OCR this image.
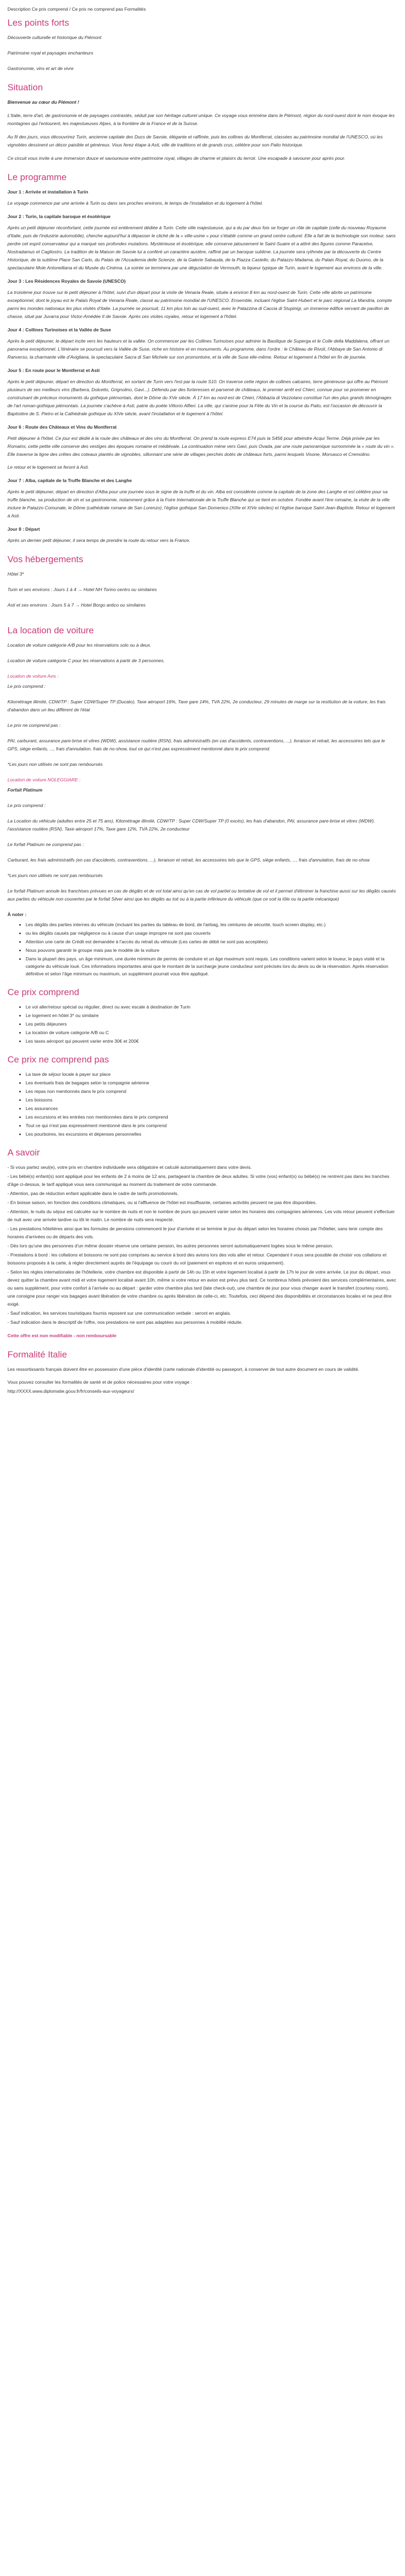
Description Ce prix comprend / Ce prix ne comprend pas Formalités

Les points forts
Découverte culturelle et historique du Piémont
Patrimoine royal et paysages enchanteurs
Gastronomie, vins et art de vivre
Situation

Bienvenue au cœur du Piémont !

L'Italie, terre d'art, de gastronomie et de paysages contrastés, séduit par son héritage culturel unique. Ce voyage vous emmène dans le Piémont, région du nord-ouest dont le nom évoque les montagnes qui l'entourent, les majestueuses Alpes, à la frontière de la France et de la Suisse.

Au fil des jours, vous découvrirez Turin, ancienne capitale des Ducs de Savoie, élégante et raffinée, puis les collines du Montferrat, classées au patrimoine mondial de l'UNESCO, où les vignobles dessinent un décor paisible et généreux. Vous ferez étape à Asti, ville de traditions et de grands crus, célèbre pour son Palio historique.

Ce circuit vous invite à une immersion douce et savoureuse entre patrimoine royal, villages de charme et plaisirs du terroir. Une escapade à savourer pour après pour.

Le programme
Jour 1 : Arrivée et installation à Turin

Le voyage commence par une arrivée à Turin ou dans ses proches environs, le temps de l'installation et du logement à l'hôtel.

Jour 2 : Turin, la capitale baroque et ésotérique

Après un petit déjeuner réconfortant, cette journée est entièrement dédiée à Turin. Cette ville majestueuse, qui a du par deux fois se forger un rôle de capitale (celle du nouveau Royaume d'Italie, puis de l'industrie automobile), cherche aujourd'hui à dépasser le cliché de la « ville-usine » pour s'établir comme un grand centre culturel. Elle a fait de la technologie son moteur, sans perdre cet esprit conservateur qui a marqué ses profondes mutations. Mystérieuse et ésotérique, elle conserve jalousement le Saint-Suaire et a attiré des figures comme Paracelse, Nostradamus et Cagliostro. La tradition de la Maison de Savoie lui a conféré un caractère austère, raffiné par un baroque sublime. La journée sera rythmée par la découverte du Centre Historique, de la sublime Place San Carlo, du Palais de l'Accademia delle Scienze, de la Galerie Sabauda, de la Piazza Castello, du Palazzo Madama, du Palais Royal, du Duomo, de la spectaculaire Mole Antonelliana et du Musée du Cinéma. La soirée se terminera par une dégustation de Vermouth, la liqueur typique de Turin, avant le logement aux environs de la ville.

Jour 3 : Les Résidences Royales de Savoie (UNESCO)

La troisième jour trouve sur le petit déjeuner à l'hôtel, suivi d'un départ pour la visite de Venaria Reale, située à environ 8 km au nord-ouest de Turin. Cette ville abrite un patrimoine exceptionnel, dont le joyau est le Palais Royal de Venaria Reale, classé au patrimoine mondial de l'UNESCO. Ensemble, incluant l'église Saint-Hubert et le parc régional La Mandria, compte parmi les mondes nationaux les plus visités d'Italie. La journée se poursuit, 11 km plus loin au sud-ouest, avec le Palazzina di Caccia di Stupinigi, un immense édifice servant de pavillon de chasse, situé par Juvarra pour Victor-Amédée II de Savoie. Après ces visites royales, retour et logement à l'hôtel.

Jour 4 : Collines Turinoises et la Vallée de Suse

Après le petit déjeuner, le départ incite vers les hauteurs et la vallée. On commencer par les Collines Turinoises pour admirer la Basilique de Superga et le Colle della Maddalena, offrant un panorama exceptionnel. L'itinéraire se poursuit vers la Vallée de Suse, riche en histoire et en monuments. Au programme, dans l'ordre : le Château de Rivoli, l'Abbaye de San Antonio di Ranverso, la charmante ville d'Avigliana, la spectaculaire Sacra di San Michele sur son promontoire, et la ville de Suse elle-même. Retour et logement à l'hôtel en fin de journée.

Jour 5 : En route pour le Montferrat et Asti

Après le petit déjeuner, départ en direction du Montferrat, en sortant de Turin vers l'est par la route S10. On traverse cette région de collines calcaires, terre généreuse qui offre au Piémont plusieurs de ses meilleurs vins (Barbera, Dolcetto, Grignolino, Gavi...). Défendu par des forteresses et parsemé de châteaux, le premier arrêt est Chieri, connue pour se promener en construisant de précieux monuments du gothique piémontais, dont le Dôme du XVe siècle. À 17 km au nord-est de Chieri, l'Abbazia di Vezzolano constitue l'un des plus grands témoignages de l'art roman-gothique piémontais. La journée s'achève à Asti, patrie du poète Vittorio Alfieri. La ville, qui s'anime pour la Fête du Vin et la course du Palio, est l'occasion de découvrir la Baptistère de S. Pietro et la Cathédrale gothique du XIVe siècle, avant l'installation et le logement à l'hôtel.

Jour 6 : Route des Châteaux et Vins du Montferrat

Petit déjeuner à l'hôtel. Ce jour est dédié à la route des châteaux et des vins du Montferrat. On prend la route express E74 puis la S456 pour atteindre Acqui Terme. Déjà prisée par les Romains, cette petite ville conserve des vestiges des époques romaine et médiévale. La continuation mène vers Gavi, puis Ovada, par une route panoramique surnommée la « route du vin ». Elle traverse la ligne des crêtes des coteaux plantés de vignobles, sillonnant une série de villages perchés dotés de châteaux forts, parmi lesquels Visone, Morsasco et Cremolino.

Le retour et le logement se feront à Asti.

Jour 7 : Alba, capitale de la Truffe Blanche et des Langhe

Après le petit déjeuner, départ en direction d'Alba pour une journée sous le signe de la truffe et du vin. Alba est considérée comme la capitale de la zone des Langhe et est célèbre pour sa truffe blanche, sa production de vin et sa gastronomie, notamment grâce à la Foire Internationale de la Truffe Blanche qui se tient en octobre. Fondée avant l'ère romaine, la visite de la ville inclure le Palazzo Comunale, le Dôme (cathédrale romane de San Lorenzo), l'église gothique San Domenico (XIIIe et XIVe siècles) et l'église baroque Saint-Jean-Baptiste. Retour et logement à Asti.

Jour 8 : Départ

Après un dernier petit déjeuner, il sera temps de prendre la route du retour vers la France.

Vos hébergements

Hôtel 3*

Turin et ses environs : Jours 1 à 4 → Hotel NH Torino centro ou similaires

Asti et ses environs : Jours 5 à 7 → Hotel Borgo antico ou similaires

La location de voiture

Location de voiture catégorie A/B pour les réservations solo ou à deux.

Location de voiture catégorie C pour les réservations à partir de 3 personnes.

Location de voiture Avis :

Le prix comprend :

Kilométrage illimité, CDW/TP : Super CDW/Super TP (Ducato), Taxe aéroport 16%, Taxe gare 14%, TVA 22%, 2e conducteur, 29 minutes de marge sur la restitution de la voiture, les frais d'abandon dans un lieu différent de l'état

Le prix ne comprend pas :

PAI, carburant, assurance pare-brise et vitres (WDW), assistance routière (RSN), frais administratifs (en cas d'accidents, contraventions, ...), livraison et retrait, les accessoires tels que le GPS, siège enfants, ..., frais d'annulation, frais de no-show, tout ce qui n'est pas expressément mentionné dans le prix comprend.

*Les jours non utilisés ne sont pas remboursés

Location de voiture NOLEGGIARE :

Forfait Platinum

Le prix comprend :

La Location du véhicule (adultes entre 25 et 75 ans), Kilométrage illimité, CDW/TP : Super CDW/Super TP (0 excès), les frais d'abandon, PAI, assurance pare-brise et vitres (WDW), l'assistance routière (RSN), Taxe aéroport 17%, Taxe gare 12%, TVA 22%, 2e conducteur

Le forfait Platinum ne comprend pas :

Carburant, les frais administratifs (en cas d'accidents, contraventions, ...), livraison et retrait, les accessoires tels que le GPS, siège enfants, ..., frais d'annulation, frais de no-show

*Les jours non utilisés ne sont pas remboursés

Le forfait Platinum annule les franchises prévues en cas de dégâts et de vol total ainsi qu'en cas de vol partiel ou tentative de vol et il permet d'éliminer la franchise aussi sur les dégâts causés aux parties du véhicule non couvertes par le forfait Silver ainsi que les dégâts au toit ou à la partie inférieure du véhicule (que ce soit la tôle ou la partie mécanique)

À noter :

• Les dégâts des parties internes du véhicule (incluant les parties du tableau de bord, de l'airbag, les ceintures de sécurité, touch screen display, etc.)
• ou les dégâts causés par négligence ou à cause d'un usage impropre ne sont pas couverts
• Attention une carte de Crédit est demandée à l'accès du retrait du véhicule (Les cartes de débit ne sont pas acceptées)
• Nous pouvons garantir le groupe mais pas le modèle de la voiture
• Dans la plupart des pays, un âge minimum, une durée minimum de permis de conduire et un âge maximum sont requis. Les conditions varient selon le loueur, le pays visité et la catégorie du véhicule loué. Ces informations importantes ainsi que le montant de la surcharge jeune conducteur sont précisés lors du devis ou de la réservation. Après réservation définitive et selon l'âge minimum ou maximum, un supplément pourrait vous être appliqué.
Ce prix comprend
• Le vol aller/retour spécial ou régulier, direct ou avec escale à destination de Turin
• Le logement en hôtel 3* ou similaire
• Les petits déjeuners
• La location de voiture catégorie A/B ou C
• Les taxes aéroport qui peuvent varier entre 30€ et 200€
Ce prix ne comprend pas
• La taxe de séjour locale à payer sur place
• Les éventuels frais de bagages selon la compagnie aérienne
• Les repas non mentionnés dans le prix comprend
• Les boissons
• Les assurances
• Les excursions et les entrées non mentionnées dans le prix comprend
• Tout ce qui n'est pas expressément mentionné dans le prix comprend
• Les pourboires, les excursions et dépenses personnelles
A savoir

- Si vous partez seul(e), votre prix en chambre individuelle sera obligatoire et calculé automatiquement dans votre devis.

- Les bébé(s) enfant(s) sont appliqué pour les enfants de 2 à moins de 12 ans, partageant la chambre de deux adultes. Si votre (vos) enfant(s) ou bébé(s) ne rentrent pas dans les tranches d'âge ci-dessus, le tarif appliqué vous sera communiqué au moment du traitement de votre commande.

- Attention, pas de réduction enfant applicable dans le cadre de tarifs promotionnels.

- En boisse saison, en fonction des conditions climatiques, ou si l'affluence de l'hôtel est insuffisante, certaines activités peuvent ne pas être disponibles.

- Attention, le nuits du séjour est calculée sur le nombre de nuits et non le nombre de jours qui peuvent varier selon les horaires des compagnies aériennes. Les vols retour peuvent s'effectuer de nuit avec une arrivée tardive ou tôt le matin. Le nombre de nuits sera respecté.

- Les prestations hôtelières ainsi que les formules de pensions commencent le jour d'arrivée et se termine le jour du départ selon les horaires choisis par l'hôtelier, sans tenir compte des horaires d'arrivées ou de départs des vols.

- Dès lors qu'une des personnes d'un même dossier réserve une certaine pension, les autres personnes seront automatiquement logées sous le même pension.

- Prestations à bord : les collations et boissons ne sont pas comprises au service à bord des avions lors des vols aller et retour. Cependant il vous sera possible de choisir vos collations et boissons proposés à la carte, à régler directement auprès de l'équipage ou courir du vol (paiement en espèces et en euros uniquement).

- Selon les règles internationales de l'hôtellerie, votre chambre est disponible à partir de 14h ou 15h et votre logement localisé à partir de 17h le jour de votre arrivée. Le jour du départ, vous devez quitter la chambre avant midi et votre logement localisé avant 10h, même si votre retour en avion est prévu plus tard. Ce nombreux hôtels prévoient des services complémentaires, avec ou sans supplément, pour votre confort à l'arrivée ou au départ : garder votre chambre plus tard (late check-out), une chambre de jour pour vous changer avant le transfert (courtesy room), une consigne pour ranger vos bagages avant libération de votre chambre ou après libération de celle-ci, etc. Toutefois, ceci dépend des disponibilités et circonstances locales et ne peut être exigé.

- Sauf indication, les services touristiques fournis reposent sur une communication verbale : seront en anglais.

- Sauf indication dans le descriptif de l'offre, nos prestations ne sont pas adaptées aux personnes à mobilité réduite.

Cette offre est non modifiable - non remboursable

Formalité Italie

Les ressortissants français doivent être en possession d'une pièce d'identité (carte nationale d'identité ou passeport, à conserver de tout autre document en cours de validité.

Vous pouvez consulter les formalités de santé et de police nécessaires pour votre voyage :

http://XXXX.www.diplomatie.gouv.fr/fr/conseils-aux-voyageurs/
